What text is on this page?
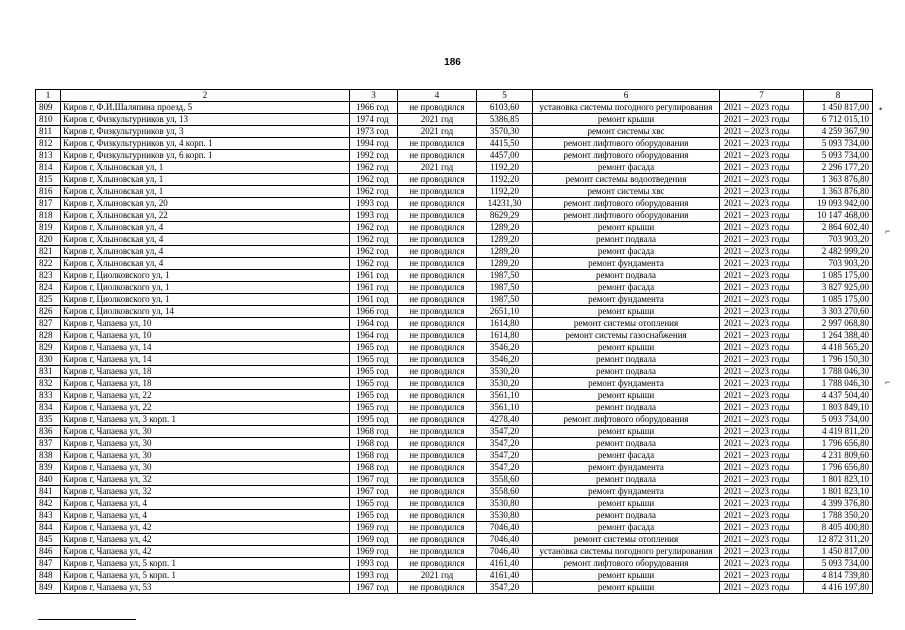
186
1	2	3	4	5	6	7	8
809	Киров г, Ф.И.Шаляпина проезд, 5	1966 год	не проводился	6103,60	установка системы погодного регулирования	2021 – 2023 годы	1 450 817,00
810	Киров г, Физкультурников ул, 13	1974 год	2021 год	5386,85	ремонт крыши	2021 – 2023 годы	6 712 015,10
811	Киров г, Физкультурников ул, 3	1973 год	2021 год	3570,30	ремонт системы хвс	2021 – 2023 годы	4 259 367,90
812	Киров г, Физкультурников ул, 4 корп. 1	1994 год	не проводился	4415,50	ремонт лифтового оборудования	2021 – 2023 годы	5 093 734,00
813	Киров г, Физкультурников ул, 6 корп. 1	1992 год	не проводился	4457,00	ремонт лифтового оборудования	2021 – 2023 годы	5 093 734,00
814	Киров г, Хлыновская ул, 1	1962 год	2021 год	1192,20	ремонт фасада	2021 – 2023 годы	2 296 177,20
815	Киров г, Хлыновская ул, 1	1962 год	не проводился	1192,20	ремонт системы водоотведения	2021 – 2023 годы	1 363 876,80
816	Киров г, Хлыновская ул, 1	1962 год	не проводился	1192,20	ремонт системы хвс	2021 – 2023 годы	1 363 876,80
817	Киров г, Хлыновская ул, 20	1993 год	не проводился	14231,30	ремонт лифтового оборудования	2021 – 2023 годы	19 093 942,00
818	Киров г, Хлыновская ул, 22	1993 год	не проводился	8629,29	ремонт лифтового оборудования	2021 – 2023 годы	10 147 468,00
819	Киров г, Хлыновская ул, 4	1962 год	не проводился	1289,20	ремонт крыши	2021 – 2023 годы	2 864 602,40
820	Киров г, Хлыновская ул, 4	1962 год	не проводился	1289,20	ремонт подвала	2021 – 2023 годы	703 903,20
821	Киров г, Хлыновская ул, 4	1962 год	не проводился	1289,20	ремонт фасада	2021 – 2023 годы	2 482 999,20
822	Киров г, Хлыновская ул, 4	1962 год	не проводился	1289,20	ремонт фундамента	2021 – 2023 годы	703 903,20
823	Киров г, Циолковского ул, 1	1961 год	не проводился	1987,50	ремонт подвала	2021 – 2023 годы	1 085 175,00
824	Киров г, Циолковского ул, 1	1961 год	не проводился	1987,50	ремонт фасада	2021 – 2023 годы	3 827 925,00
825	Киров г, Циолковского ул, 1	1961 год	не проводился	1987,50	ремонт фундамента	2021 – 2023 годы	1 085 175,00
826	Киров г, Циолковского ул, 14	1966 год	не проводился	2651,10	ремонт крыши	2021 – 2023 годы	3 303 270,60
827	Киров г, Чапаева ул, 10	1964 год	не проводился	1614,80	ремонт системы отопления	2021 – 2023 годы	2 997 068,80
828	Киров г, Чапаева ул, 10	1964 год	не проводился	1614,80	ремонт системы газоснабжения	2021 – 2023 годы	1 264 388,40
829	Киров г, Чапаева ул, 14	1965 год	не проводился	3546,20	ремонт крыши	2021 – 2023 годы	4 418 565,20
830	Киров г, Чапаева ул, 14	1965 год	не проводился	3546,20	ремонт подвала	2021 – 2023 годы	1 796 150,30
831	Киров г, Чапаева ул, 18	1965 год	не проводился	3530,20	ремонт подвала	2021 – 2023 годы	1 788 046,30
832	Киров г, Чапаева ул, 18	1965 год	не проводился	3530,20	ремонт фундамента	2021 – 2023 годы	1 788 046,30
833	Киров г, Чапаева ул, 22	1965 год	не проводился	3561,10	ремонт крыши	2021 – 2023 годы	4 437 504,40
834	Киров г, Чапаева ул, 22	1965 год	не проводился	3561,10	ремонт подвала	2021 – 2023 годы	1 803 849,10
835	Киров г, Чапаева ул, 3 корп. 1	1995 год	не проводился	4278,40	ремонт лифтового оборудования	2021 – 2023 годы	5 093 734,00
836	Киров г, Чапаева ул, 30	1968 год	не проводился	3547,20	ремонт крыши	2021 – 2023 годы	4 419 811,20
837	Киров г, Чапаева ул, 30	1968 год	не проводился	3547,20	ремонт подвала	2021 – 2023 годы	1 796 656,80
838	Киров г, Чапаева ул, 30	1968 год	не проводился	3547,20	ремонт фасада	2021 – 2023 годы	4 231 809,60
839	Киров г, Чапаева ул, 30	1968 год	не проводился	3547,20	ремонт фундамента	2021 – 2023 годы	1 796 656,80
840	Киров г, Чапаева ул, 32	1967 год	не проводился	3558,60	ремонт подвала	2021 – 2023 годы	1 801 823,10
841	Киров г, Чапаева ул, 32	1967 год	не проводился	3558,60	ремонт фундамента	2021 – 2023 годы	1 801 823,10
842	Киров г, Чапаева ул, 4	1965 год	не проводился	3530,80	ремонт крыши	2021 – 2023 годы	4 399 376,80
843	Киров г, Чапаева ул, 4	1965 год	не проводился	3530,80	ремонт подвала	2021 – 2023 годы	1 788 350,20
844	Киров г, Чапаева ул, 42	1969 год	не проводился	7046,40	ремонт фасада	2021 – 2023 годы	8 405 400,80
845	Киров г, Чапаева ул, 42	1969 год	не проводился	7046,40	ремонт системы отопления	2021 – 2023 годы	12 872 311,20
846	Киров г, Чапаева ул, 42	1969 год	не проводился	7046,40	установка системы погодного регулирования	2021 – 2023 годы	1 450 817,00
847	Киров г, Чапаева ул, 5 корп. 1	1993 год	не проводился	4161,40	ремонт лифтового оборудования	2021 – 2023 годы	5 093 734,00
848	Киров г, Чапаева ул, 5 корп. 1	1993 год	2021 год	4161,40	ремонт крыши	2021 – 2023 годы	4 814 739,80
849	Киров г, Чапаева ул, 53	1967 год	не проводился	3547,20	ремонт крыши	2021 – 2023 годы	4 416 197,80
•
⌐
⌐
